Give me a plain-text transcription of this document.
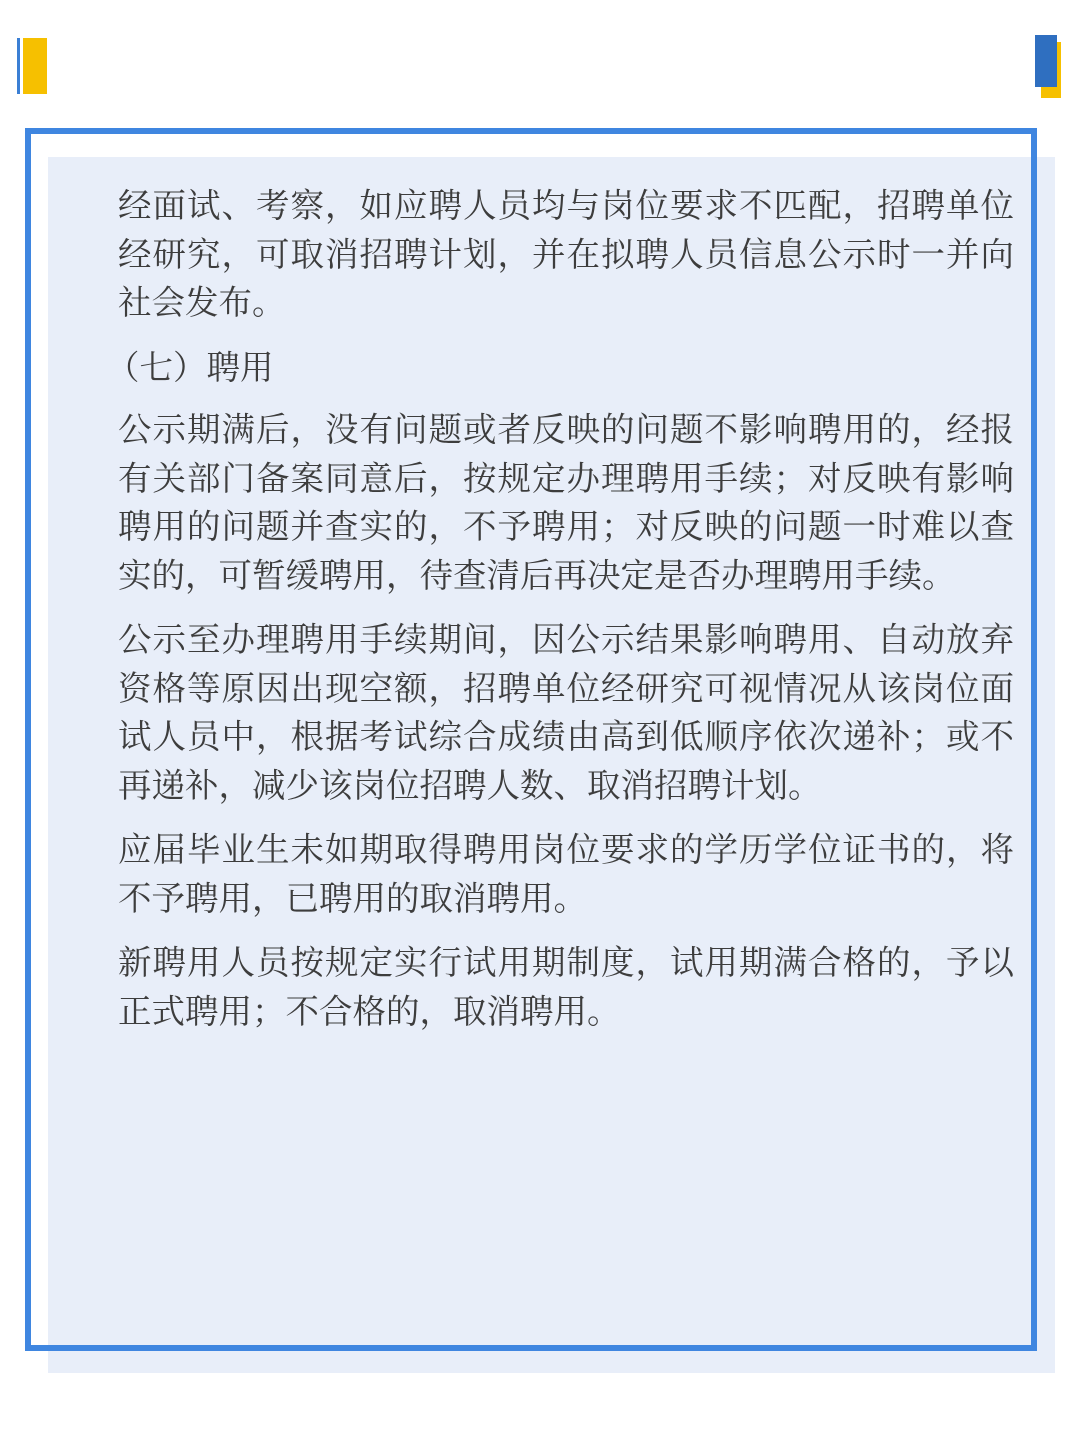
经面试、考察，如应聘人员均与岗位要求不匹配，招聘单位经研究，可取消招聘计划，并在拟聘人员信息公示时一并向社会发布。

（七）聘用

公示期满后，没有问题或者反映的问题不影响聘用的，经报有关部门备案同意后，按规定办理聘用手续；对反映有影响聘用的问题并查实的，不予聘用；对反映的问题一时难以查实的，可暂缓聘用，待查清后再决定是否办理聘用手续。

公示至办理聘用手续期间，因公示结果影响聘用、自动放弃资格等原因出现空额，招聘单位经研究可视情况从该岗位面试人员中，根据考试综合成绩由高到低顺序依次递补；或不再递补，减少该岗位招聘人数、取消招聘计划。

应届毕业生未如期取得聘用岗位要求的学历学位证书的，将不予聘用，已聘用的取消聘用。

新聘用人员按规定实行试用期制度，试用期满合格的，予以正式聘用；不合格的，取消聘用。
